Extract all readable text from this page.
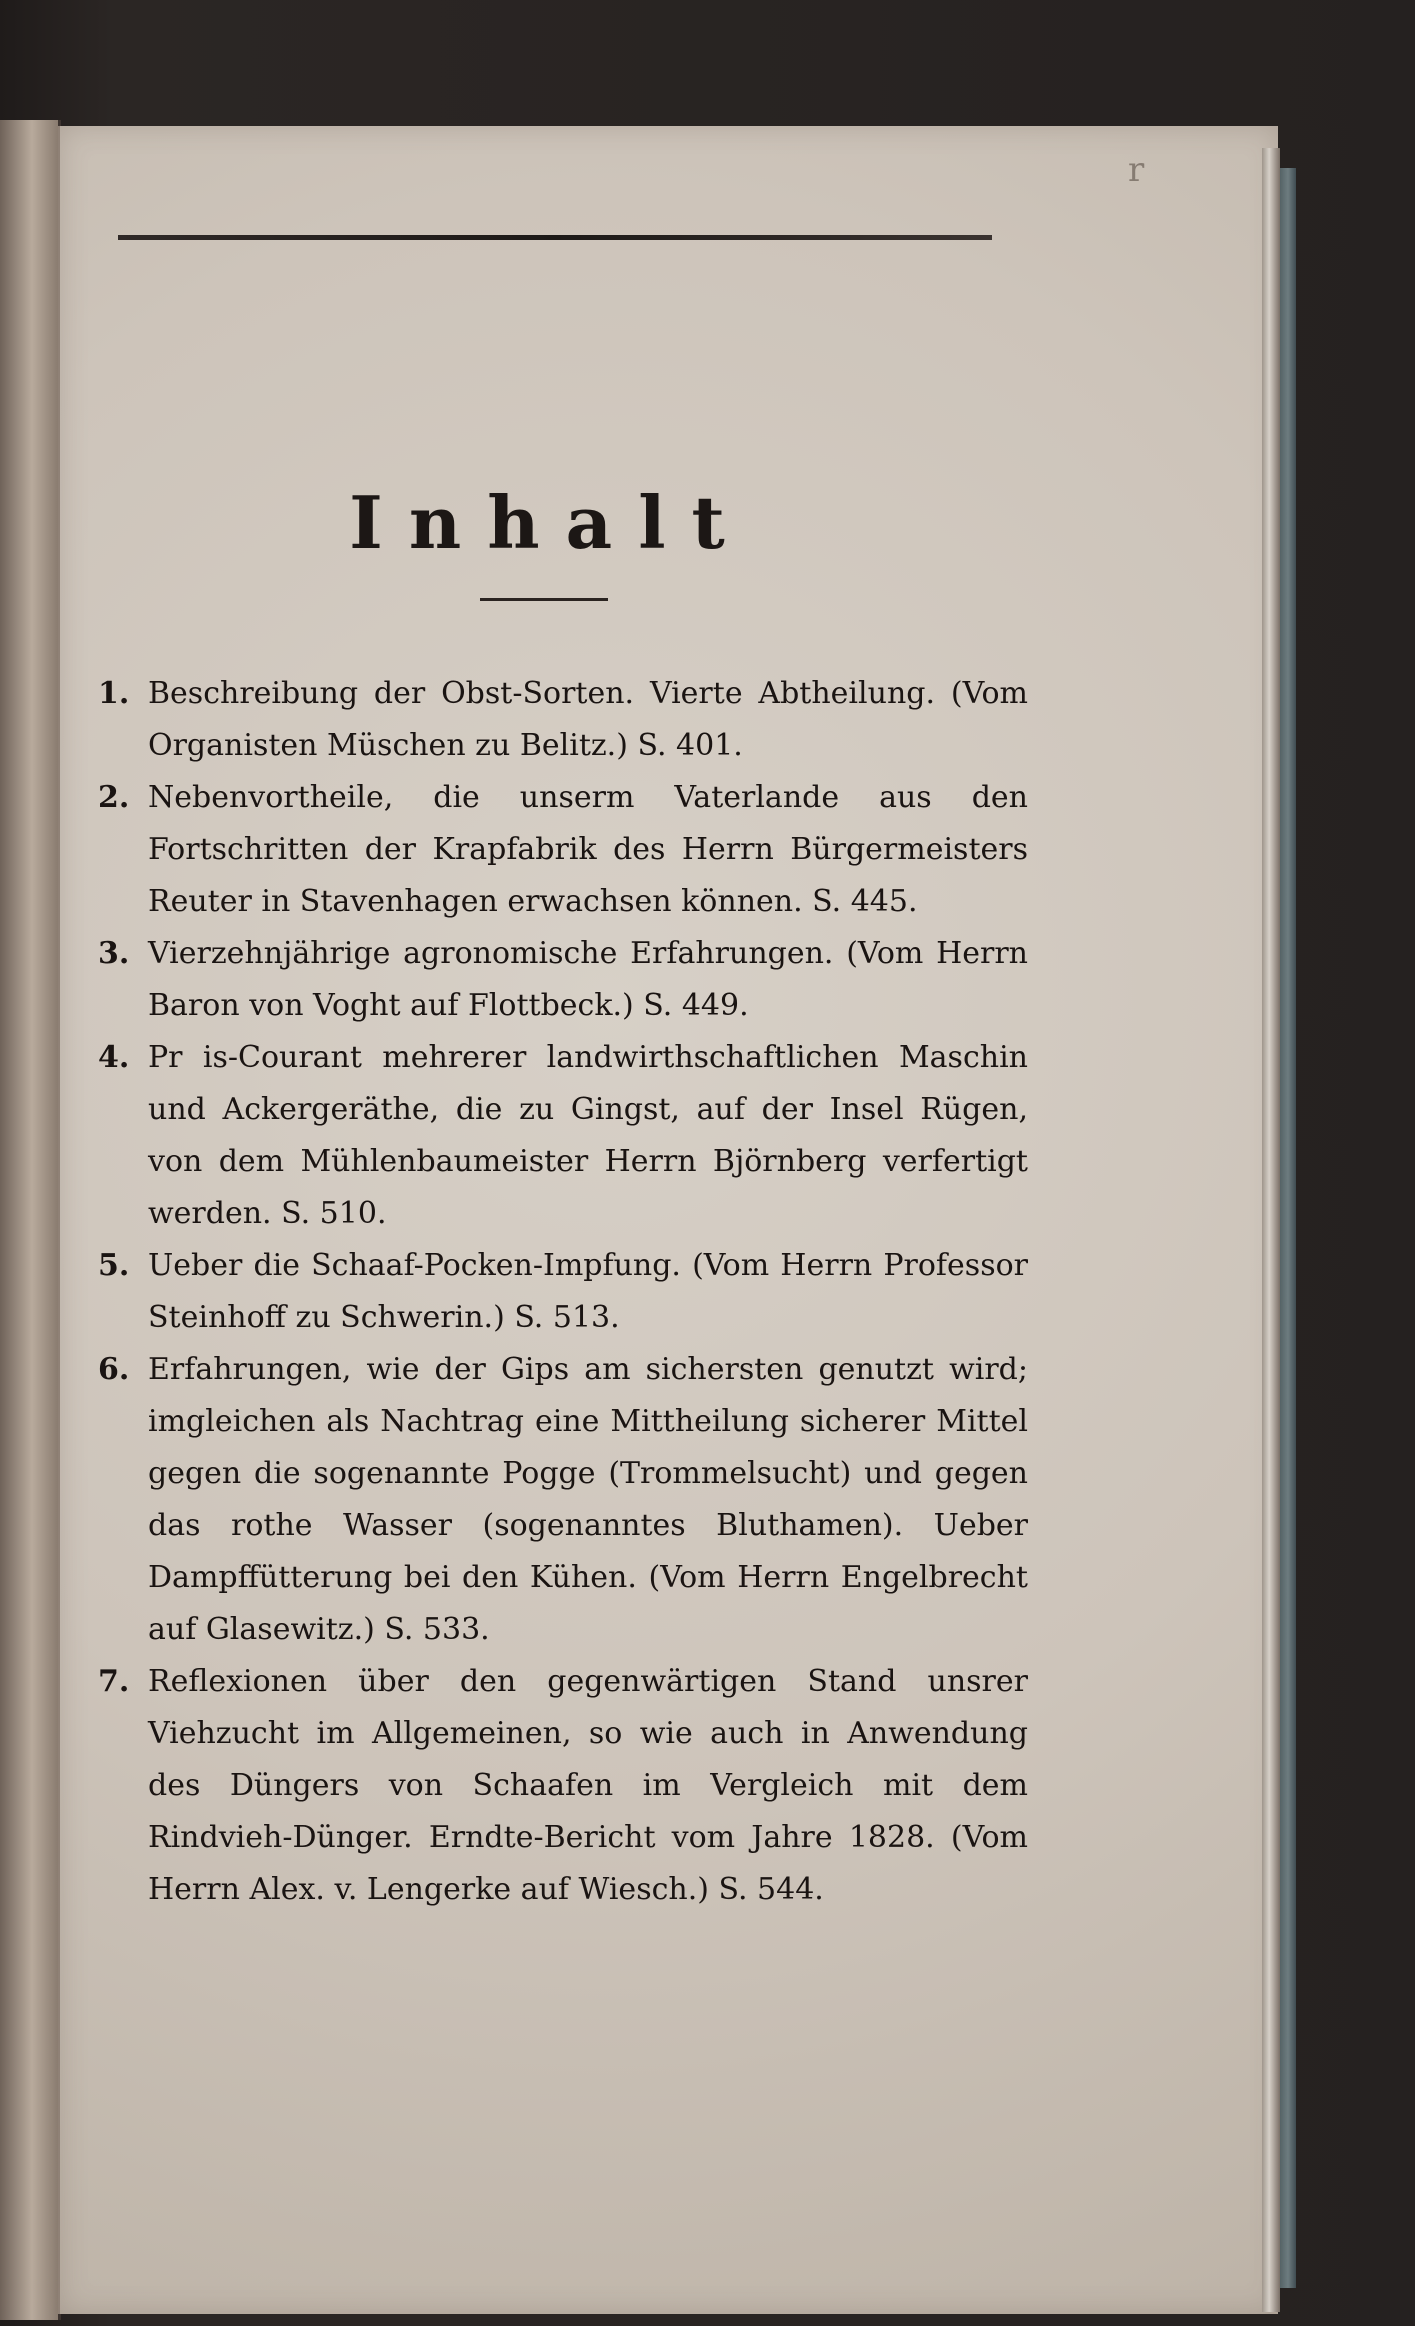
r
Inhalt
1. Beschreibung der Obst-Sorten. Vierte Abtheilung. (Vom Organisten Müschen zu Belitz.) S. 401.
2. Nebenvortheile, die unserm Vaterlande aus den Fortschritten der Krapfabrik des Herrn Bürgermeisters Reuter in Stavenhagen erwachsen können. S. 445.
3. Vierzehnjährige agronomische Erfahrungen. (Vom Herrn Baron von Voght auf Flottbeck.) S. 449.
4. Pr is-Courant mehrerer landwirthschaftlichen Maschin und Ackergeräthe, die zu Gingst, auf der Insel Rügen, von dem Mühlenbaumeister Herrn Björnberg verfertigt werden. S. 510.
5. Ueber die Schaaf-Pocken-Impfung. (Vom Herrn Professor Steinhoff zu Schwerin.) S. 513.
6. Erfahrungen, wie der Gips am sichersten genutzt wird; imgleichen als Nachtrag eine Mittheilung sicherer Mittel gegen die sogenannte Pogge (Trommelsucht) und gegen das rothe Wasser (sogenanntes Bluthamen). Ueber Dampffütterung bei den Kühen. (Vom Herrn Engelbrecht auf Glasewitz.) S. 533.
7. Reflexionen über den gegenwärtigen Stand unsrer Viehzucht im Allgemeinen, so wie auch in Anwendung des Düngers von Schaafen im Vergleich mit dem Rindvieh-Dünger. Erndte-Bericht vom Jahre 1828. (Vom Herrn Alex. v. Lengerke auf Wiesch.) S. 544.
